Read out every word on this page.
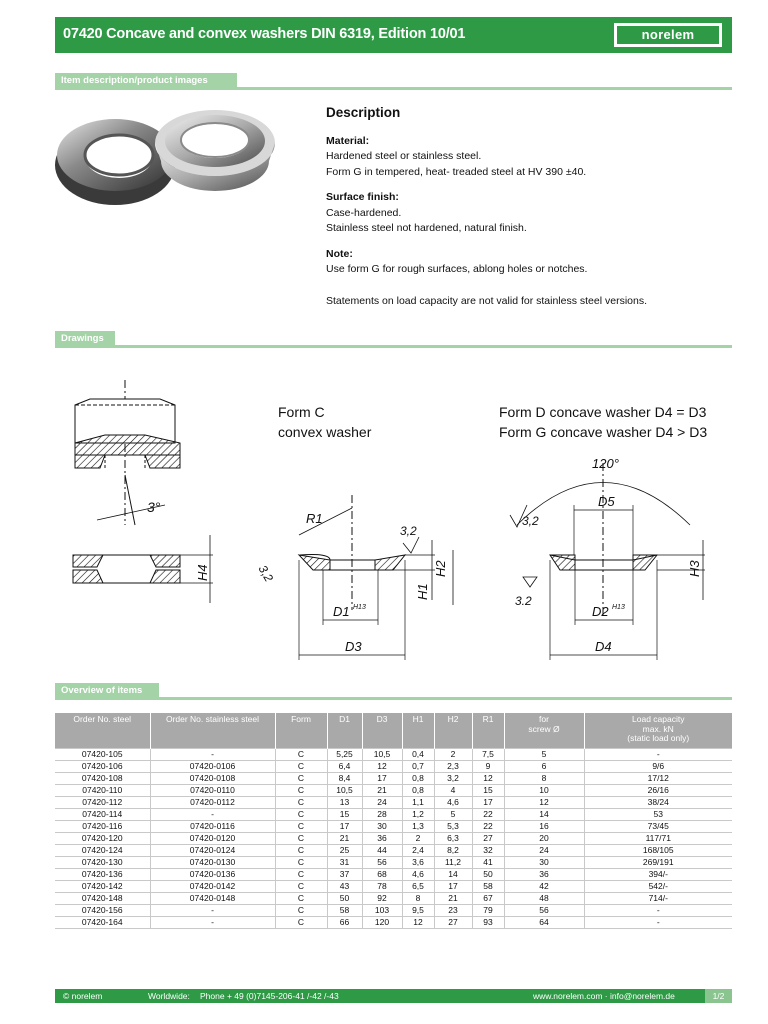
07420 Concave and convex washers DIN 6319, Edition 10/01	norelem
Item description/product images
Description
Material:
Hardened steel or stainless steel.
Form G in tempered, heat- treaded steel at HV 390 ±40.
Surface finish:
Case-hardened.
Stainless steel not hardened, natural finish.
Note:
Use form G for rough surfaces, ablong holes or notches.
Statements on load capacity are not valid for stainless steel versions.
Drawings
3°
H4
Form C
convex washer
R1
3,2
3,2
H2
H1
D1 H13
D3
Form D concave washer D4 = D3
Form G concave washer D4 > D3
120°
D5
3,2
3.2
H3
D2 H13
D4
Overview of items
Order No. steel	Order No. stainless steel	Form	D1	D3	H1	H2	R1	for
screw Ø	Load capacity
max. kN
(static load only)
07420-105	-	C	5,25	10,5	0,4	2	7,5	5	-
07420-106	07420-0106	C	6,4	12	0,7	2,3	9	6	9/6
07420-108	07420-0108	C	8,4	17	0,8	3,2	12	8	17/12
07420-110	07420-0110	C	10,5	21	0,8	4	15	10	26/16
07420-112	07420-0112	C	13	24	1,1	4,6	17	12	38/24
07420-114	-	C	15	28	1,2	5	22	14	53
07420-116	07420-0116	C	17	30	1,3	5,3	22	16	73/45
07420-120	07420-0120	C	21	36	2	6,3	27	20	117/71
07420-124	07420-0124	C	25	44	2,4	8,2	32	24	168/105
07420-130	07420-0130	C	31	56	3,6	11,2	41	30	269/191
07420-136	07420-0136	C	37	68	4,6	14	50	36	394/-
07420-142	07420-0142	C	43	78	6,5	17	58	42	542/-
07420-148	07420-0148	C	50	92	8	21	67	48	714/-
07420-156	-	C	58	103	9,5	23	79	56	-
07420-164	-	C	66	120	12	27	93	64	-
© norelem	Worldwide: Phone + 49 (0)7145-206-41 /-42 /-43	www.norelem.com · info@norelem.de	1/2
